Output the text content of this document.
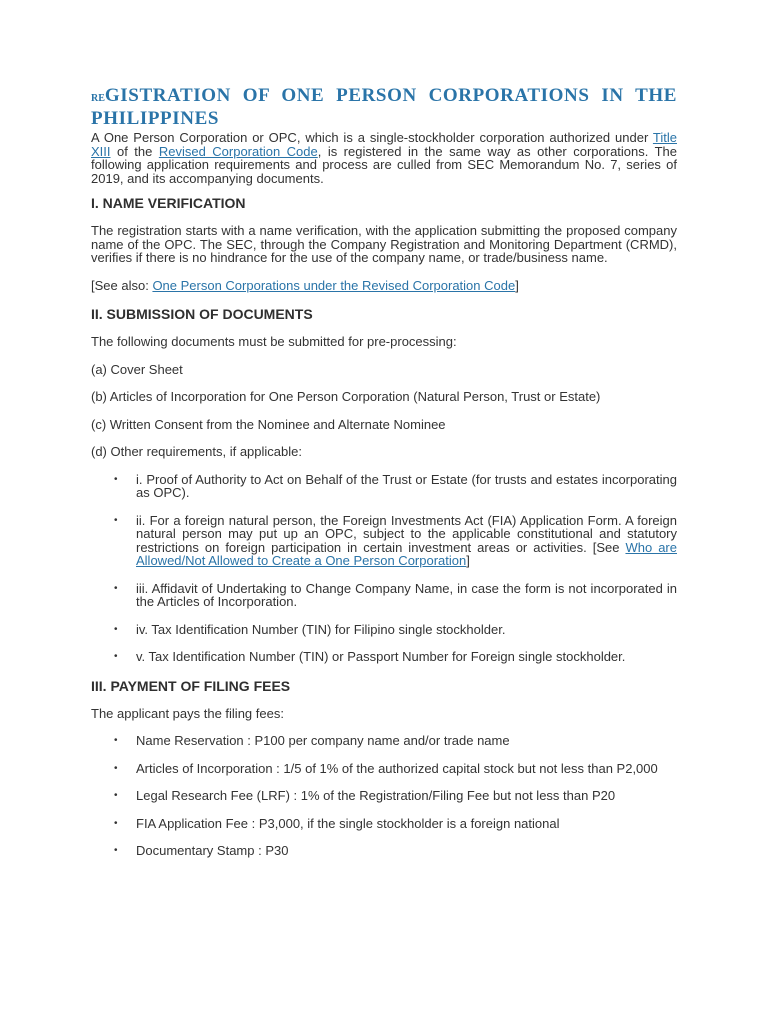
REGISTRATION OF ONE PERSON CORPORATIONS IN THE PHILIPPINES

A One Person Corporation or OPC, which is a single-stockholder corporation authorized under Title XIII of the Revised Corporation Code, is registered in the same way as other corporations. The following application requirements and process are culled from SEC Memorandum No. 7, series of 2019, and its accompanying documents.

I. NAME VERIFICATION

The registration starts with a name verification, with the application submitting the proposed company name of the OPC. The SEC, through the Company Registration and Monitoring Department (CRMD), verifies if there is no hindrance for the use of the company name, or trade/business name.

[See also: One Person Corporations under the Revised Corporation Code]

II. SUBMISSION OF DOCUMENTS

The following documents must be submitted for pre-processing:

(a) Cover Sheet

(b) Articles of Incorporation for One Person Corporation (Natural Person, Trust or Estate)

(c) Written Consent from the Nominee and Alternate Nominee

(d) Other requirements, if applicable:

• i. Proof of Authority to Act on Behalf of the Trust or Estate (for trusts and estates incorporating as OPC).
• ii. For a foreign natural person, the Foreign Investments Act (FIA) Application Form. A foreign natural person may put up an OPC, subject to the applicable constitutional and statutory restrictions on foreign participation in certain investment areas or activities. [See Who are Allowed/Not Allowed to Create a One Person Corporation]
• iii. Affidavit of Undertaking to Change Company Name, in case the form is not incorporated in the Articles of Incorporation.
• iv. Tax Identification Number (TIN) for Filipino single stockholder.
• v. Tax Identification Number (TIN) or Passport Number for Foreign single stockholder.
III. PAYMENT OF FILING FEES

The applicant pays the filing fees:

• Name Reservation : P100 per company name and/or trade name
• Articles of Incorporation : 1/5 of 1% of the authorized capital stock but not less than P2,000
• Legal Research Fee (LRF) : 1% of the Registration/Filing Fee but not less than P20
• FIA Application Fee : P3,000, if the single stockholder is a foreign national
• Documentary Stamp : P30
